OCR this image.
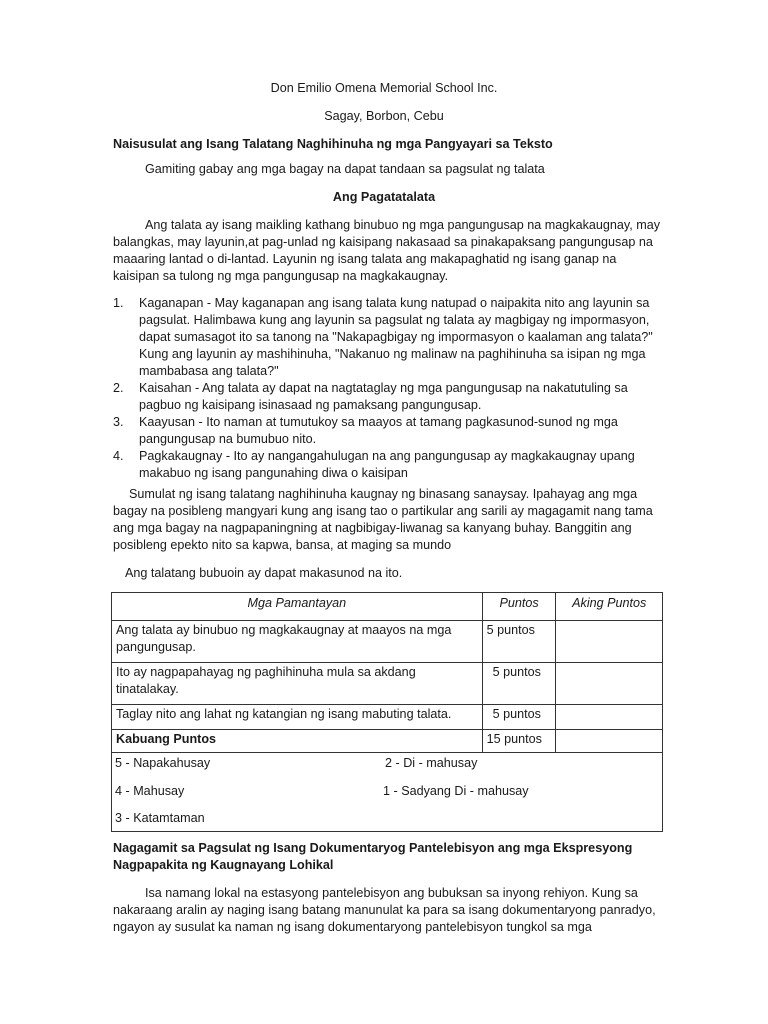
Don Emilio Omena Memorial School Inc.
Sagay, Borbon, Cebu
Naisusulat ang Isang Talatang Naghihinuha ng mga Pangyayari sa Teksto
Gamiting gabay ang mga bagay na dapat tandaan sa pagsulat ng talata
Ang Pagatatalata
Ang talata ay isang maikling kathang binubuo ng mga pangungusap na magkakaugnay, may balangkas, may layunin,at pag-unlad ng kaisipang nakasaad sa pinakapaksang pangungusap na maaaring lantad o di-lantad. Layunin ng isang talata ang makapaghatid ng isang ganap na kaisipan sa tulong ng mga pangungusap na magkakaugnay.
1. Kaganapan - May kaganapan ang isang talata kung natupad o naipakita nito ang layunin sa pagsulat. Halimbawa kung ang layunin sa pagsulat ng talata ay magbigay ng impormasyon, dapat sumasagot ito sa tanong na "Nakapagbigay ng impormasyon o kaalaman ang talata?" Kung ang layunin ay mashihinuha, "Nakanuo ng malinaw na paghihinuha sa isipan ng mga mambabasa ang talata?"
2. Kaisahan - Ang talata ay dapat na nagtataglay ng mga pangungusap na nakatutuling sa pagbuo ng kaisipang isinasaad ng pamaksang pangungusap.
3. Kaayusan - Ito naman at tumutukoy sa maayos at tamang pagkasunod-sunod ng mga pangungusap na bumubuo nito.
4. Pagkakaugnay - Ito ay nangangahulugan na ang pangungusap ay magkakaugnay upang makabuo ng isang pangunahing diwa o kaisipan
Sumulat ng isang talatang naghihinuha kaugnay ng binasang sanaysay. Ipahayag ang mga bagay na posibleng mangyari kung ang isang tao o partikular ang sarili ay magagamit nang tama ang mga bagay na nagpapaningning at nagbibigay-liwanag sa kanyang buhay. Banggitin ang posibleng epekto nito sa kapwa, bansa, at maging sa mundo
Ang talatang bubuoin ay dapat makasunod na ito.
Mga Pamantayan	Puntos	Aking Puntos
Ang talata ay binubuo ng magkakaugnay at maayos na mga pangungusap.	5 puntos	
Ito ay nagpapahayag ng paghihinuha mula sa akdang tinatalakay.	5 puntos	
Taglay nito ang lahat ng katangian ng isang mabuting talata.	5 puntos	
Kabuang Puntos	15 puntos	

5 - Napakahusay 2 - Di - mahusay
4 - Mahusay 1 - Sadyang Di - mahusay
3 - Katamtaman		
Nagagamit sa Pagsulat ng Isang Dokumentaryog Pantelebisyon ang mga Ekspresyong Nagpapakita ng Kaugnayang Lohikal
Isa namang lokal na estasyong pantelebisyon ang bubuksan sa inyong rehiyon. Kung sa nakaraang aralin ay naging isang batang manunulat ka para sa isang dokumentaryong panradyo, ngayon ay susulat ka naman ng isang dokumentaryong pantelebisyon tungkol sa mga
